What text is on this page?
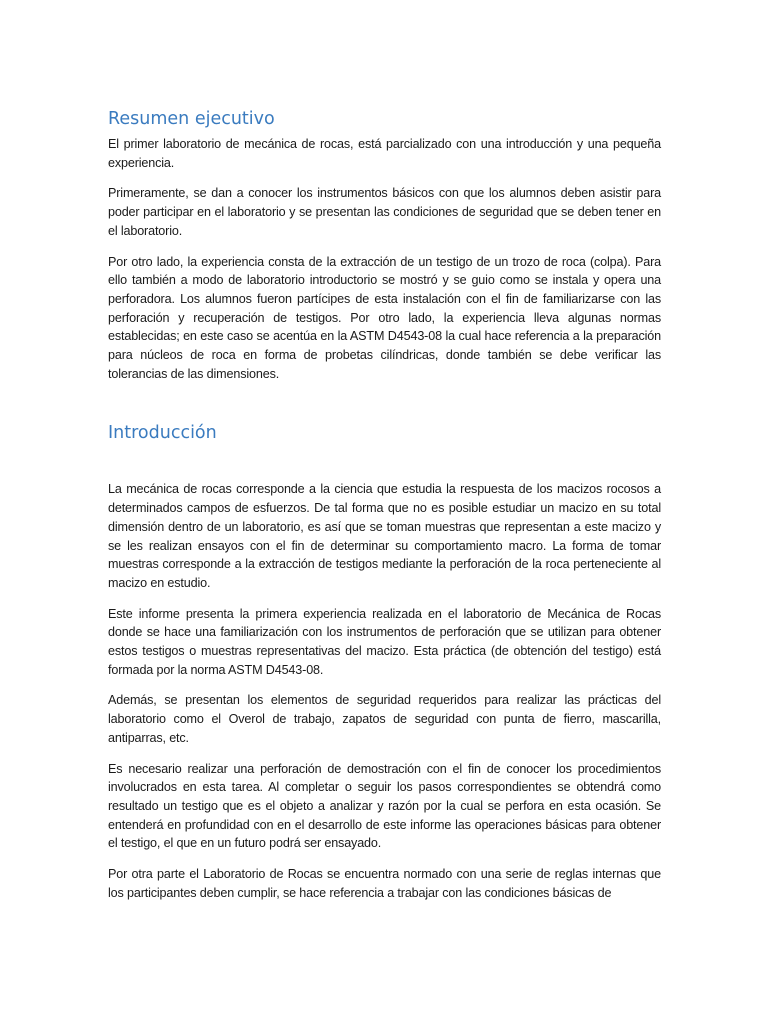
Resumen ejecutivo

El primer laboratorio de mecánica de rocas, está parcializado con una introducción y una pequeña experiencia.

Primeramente, se dan a conocer los instrumentos básicos con que los alumnos deben asistir para poder participar en el laboratorio y se presentan las condiciones de seguridad que se deben tener en el laboratorio.

Por otro lado, la experiencia consta de la extracción de un testigo de un trozo de roca (colpa). Para ello también a modo de laboratorio introductorio se mostró y se guio como se instala y opera una perforadora. Los alumnos fueron partícipes de esta instalación con el fin de familiarizarse con las perforación y recuperación de testigos. Por otro lado, la experiencia lleva algunas normas establecidas; en este caso se acentúa en la ASTM D4543-08 la cual hace referencia a la preparación para núcleos de roca en forma de probetas cilíndricas, donde también se debe verificar las tolerancias de las dimensiones.

Introducción

La mecánica de rocas corresponde a la ciencia que estudia la respuesta de los macizos rocosos a determinados campos de esfuerzos. De tal forma que no es posible estudiar un macizo en su total dimensión dentro de un laboratorio, es así que se toman muestras que representan a este macizo y se les realizan ensayos con el fin de determinar su comportamiento macro. La forma de tomar muestras corresponde a la extracción de testigos mediante la perforación de la roca perteneciente al macizo en estudio.

Este informe presenta la primera experiencia realizada en el laboratorio de Mecánica de Rocas donde se hace una familiarización con los instrumentos de perforación que se utilizan para obtener estos testigos o muestras representativas del macizo. Esta práctica (de obtención del testigo) está formada por la norma ASTM D4543-08.

Además, se presentan los elementos de seguridad requeridos para realizar las prácticas del laboratorio como el Overol de trabajo, zapatos de seguridad con punta de fierro, mascarilla, antiparras, etc.

Es necesario realizar una perforación de demostración con el fin de conocer los procedimientos involucrados en esta tarea. Al completar o seguir los pasos correspondientes se obtendrá como resultado un testigo que es el objeto a analizar y razón por la cual se perfora en esta ocasión. Se entenderá en profundidad con en el desarrollo de este informe las operaciones básicas para obtener el testigo, el que en un futuro podrá ser ensayado.

Por otra parte el Laboratorio de Rocas se encuentra normado con una serie de reglas internas que los participantes deben cumplir, se hace referencia a trabajar con las condiciones básicas de
